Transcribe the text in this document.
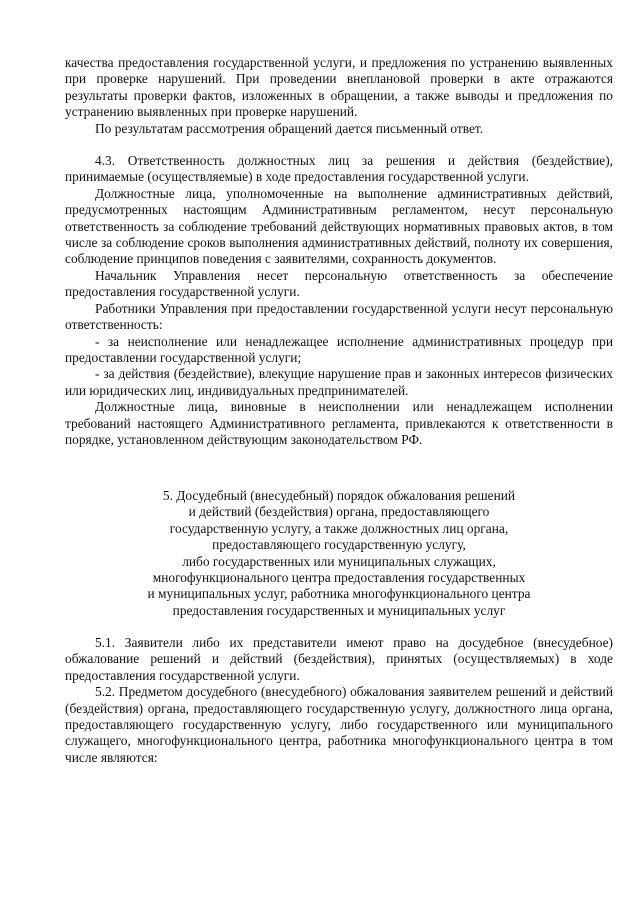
качества предоставления государственной услуги, и предложения по устранению выявленных при проверке нарушений. При проведении внеплановой проверки в акте отражаются результаты проверки фактов, изложенных в обращении, а также выводы и предложения по устранению выявленных при проверке нарушений.

По результатам рассмотрения обращений дается письменный ответ.

4.3. Ответственность должностных лиц за решения и действия (бездействие), принимаемые (осуществляемые) в ходе предоставления государственной услуги.

Должностные лица, уполномоченные на выполнение административных действий, предусмотренных настоящим Административным регламентом, несут персональную ответственность за соблюдение требований действующих нормативных правовых актов, в том числе за соблюдение сроков выполнения административных действий, полноту их совершения, соблюдение принципов поведения с заявителями, сохранность документов.

Начальник Управления несет персональную ответственность за обеспечение предоставления государственной услуги.

Работники Управления при предоставлении государственной услуги несут персональную ответственность:

- за неисполнение или ненадлежащее исполнение административных процедур при предоставлении государственной услуги;

- за действия (бездействие), влекущие нарушение прав и законных интересов физических или юридических лиц, индивидуальных предпринимателей.

Должностные лица, виновные в неисполнении или ненадлежащем исполнении требований настоящего Административного регламента, привлекаются к ответственности в порядке, установленном действующим законодательством РФ.

5. Досудебный (внесудебный) порядок обжалования решений
и действий (бездействия) органа, предоставляющего
государственную услугу, а также должностных лиц органа,
предоставляющего государственную услугу,
либо государственных или муниципальных служащих,
многофункционального центра предоставления государственных
и муниципальных услуг, работника многофункционального центра
предоставления государственных и муниципальных услуг

5.1. Заявители либо их представители имеют право на досудебное (внесудебное) обжалование решений и действий (бездействия), принятых (осуществляемых) в ходе предоставления государственной услуги.

5.2. Предметом досудебного (внесудебного) обжалования заявителем решений и действий (бездействия) органа, предоставляющего государственную услугу, должностного лица органа, предоставляющего государственную услугу, либо государственного или муниципального служащего, многофункционального центра, работника многофункционального центра в том числе являются:
